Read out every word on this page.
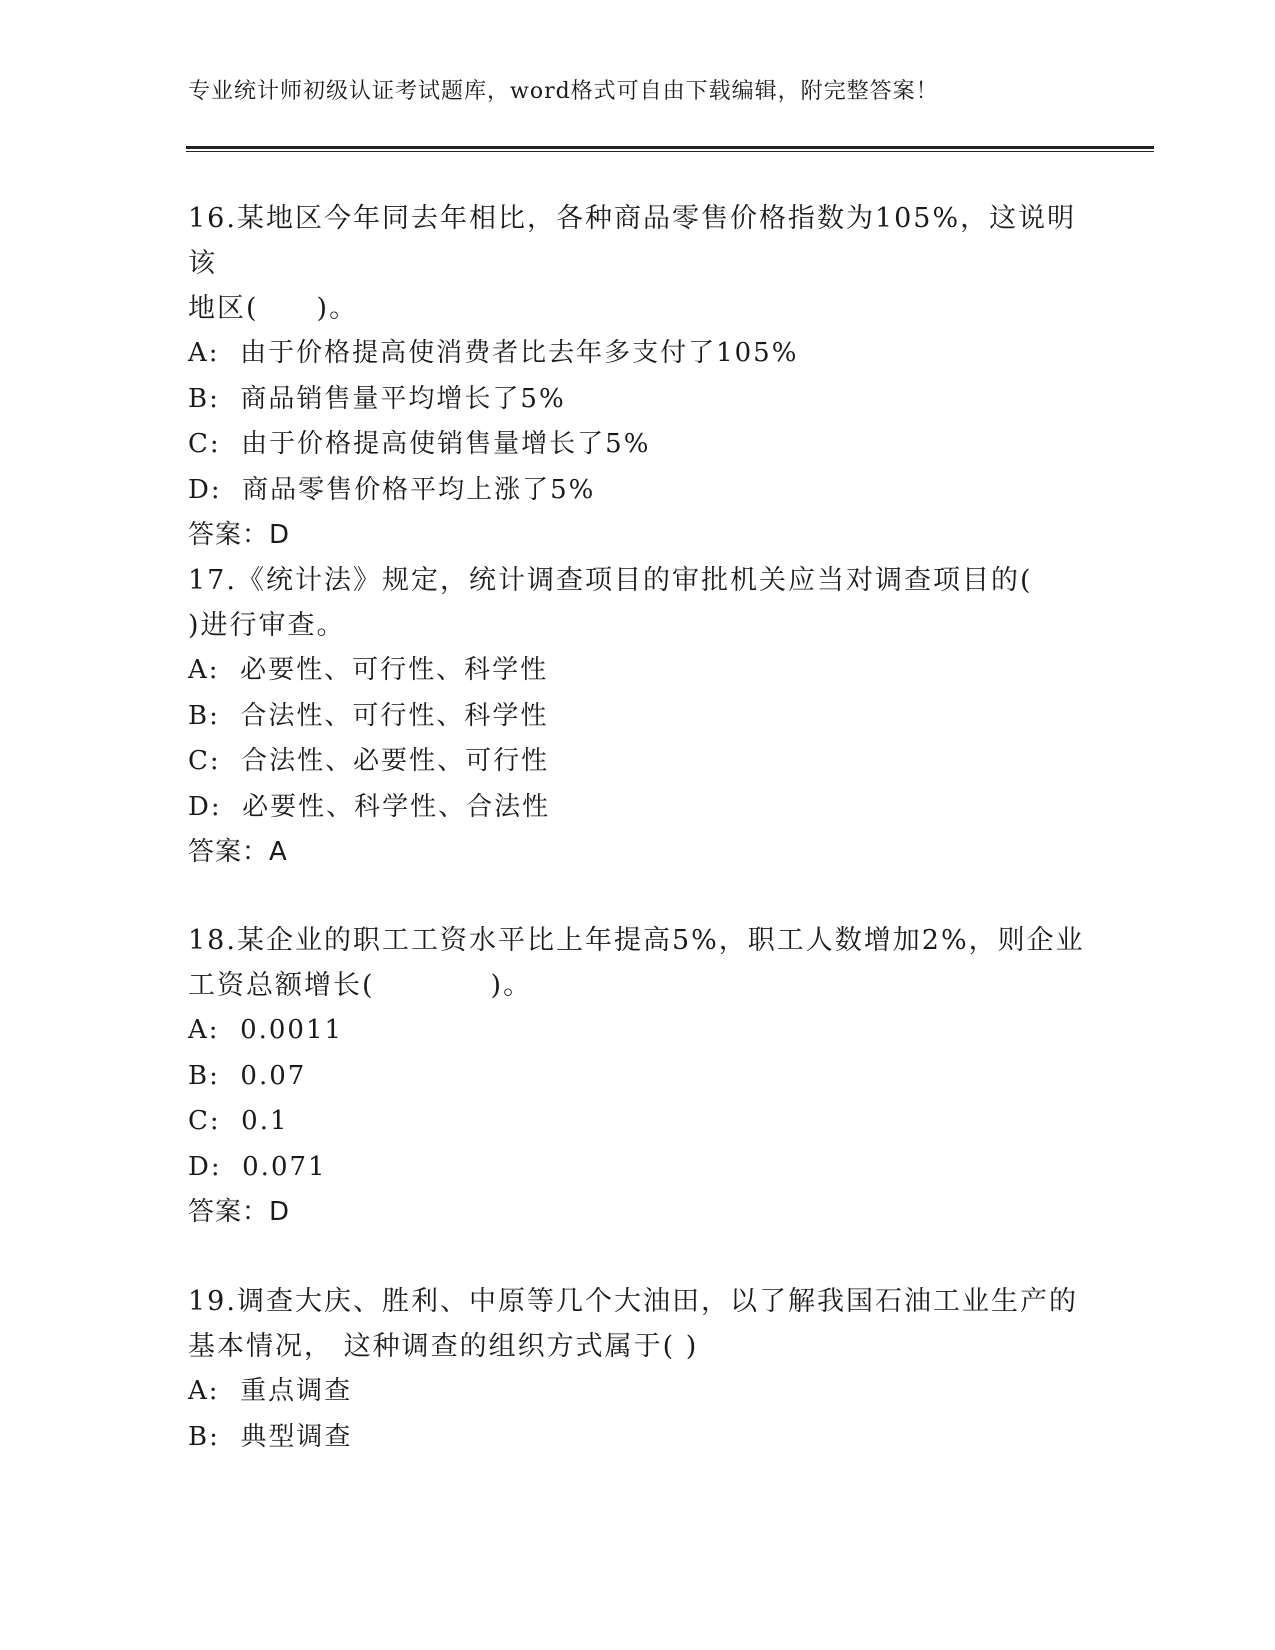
专业统计师初级认证考试题库，word格式可自由下载编辑，附完整答案！

16.某地区今年同去年相比，各种商品零售价格指数为105%，这说明该
地区(　　)。

A:  由于价格提高使消费者比去年多支付了105%

B:  商品销售量平均增长了5%

C:  由于价格提高使销售量增长了5%

D:  商品零售价格平均上涨了5%

答案：D

17.《统计法》规定，统计调查项目的审批机关应当对调查项目的(
)进行审查。

A:  必要性、可行性、科学性

B:  合法性、可行性、科学性

C:  合法性、必要性、可行性

D:  必要性、科学性、合法性

答案：A

18.某企业的职工工资水平比上年提高5%，职工人数增加2%，则企业
工资总额增长(　　　　)。

A:  0.0011

B:  0.07

C:  0.1

D:  0.071

答案：D

19.调查大庆、胜利、中原等几个大油田，以了解我国石油工业生产的
基本情况， 这种调查的组织方式属于( )

A:  重点调查

B:  典型调查
